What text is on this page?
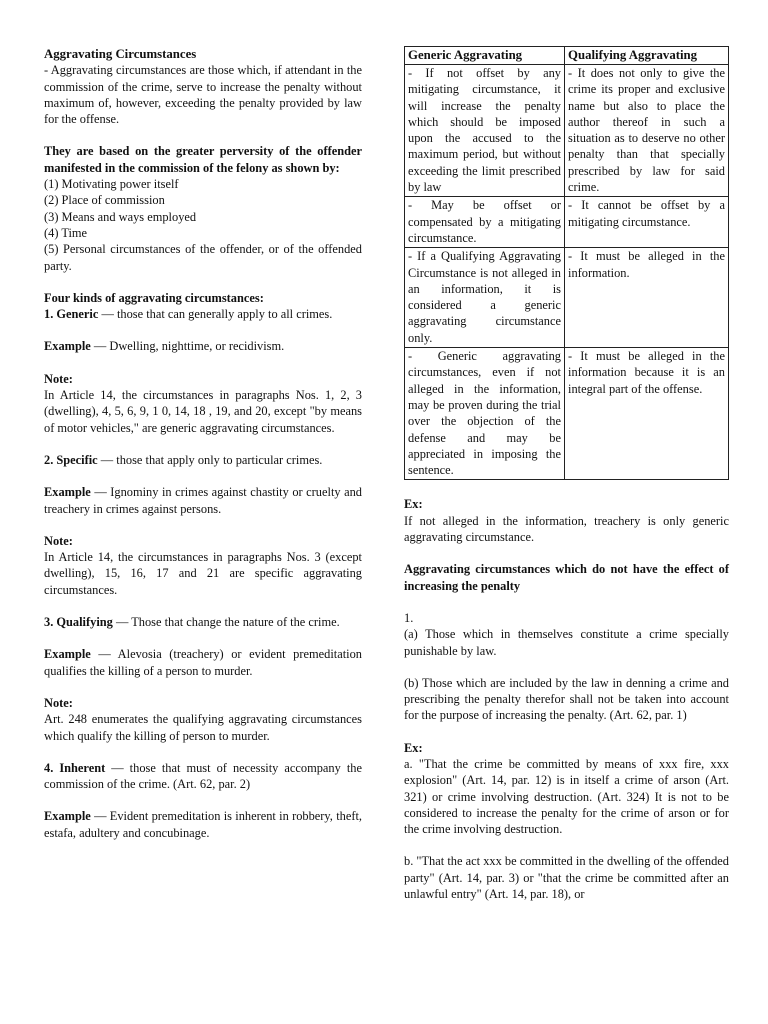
Aggravating Circumstances

- Aggravating circumstances are those which, if attendant in the commission of the crime, serve to increase the penalty without maximum of, however, exceeding the penalty provided by law for the offense.

They are based on the greater perversity of the offender manifested in the commission of the felony as shown by:

(1) Motivating power itself

(2) Place of commission

(3) Means and ways employed

(4) Time

(5) Personal circumstances of the offender, or of the offended party.

Four kinds of aggravating circumstances:

1. Generic — those that can generally apply to all crimes.

Example — Dwelling, nighttime, or recidivism.

Note:

In Article 14, the circumstances in paragraphs Nos. 1, 2, 3 (dwelling), 4, 5, 6, 9, 1 0, 14, 18 , 19, and 20, except "by means of motor vehicles," are generic aggravating circumstances.

2. Specific — those that apply only to particular crimes.

Example — Ignominy in crimes against chastity or cruelty and treachery in crimes against persons.

Note:

In Article 14, the circumstances in paragraphs Nos. 3 (except dwelling), 15, 16, 17 and 21 are specific aggravating circumstances.

3. Qualifying — Those that change the nature of the crime.

Example — Alevosia (treachery) or evident premeditation qualifies the killing of a person to murder.

Note:

Art. 248 enumerates the qualifying aggravating circumstances which qualify the killing of person to murder.

4. Inherent — those that must of necessity accompany the commission of the crime. (Art. 62, par. 2)

Example — Evident premeditation is inherent in robbery, theft, estafa, adultery and concubinage.

Generic Aggravating	Qualifying Aggravating
- If not offset by any mitigating circumstance, it will increase the penalty which should be imposed upon the accused to the maximum period, but without exceeding the limit prescribed by law	- It does not only to give the crime its proper and exclusive name but also to place the author thereof in such a situation as to deserve no other penalty than that specially prescribed by law for said crime.
- May be offset or compensated by a mitigating circumstance.	- It cannot be offset by a mitigating circumstance.
- If a Qualifying Aggravating Circumstance is not alleged in an information, it is considered a generic aggravating circumstance only.	- It must be alleged in the information.
- Generic aggravating circumstances, even if not alleged in the information, may be proven during the trial over the objection of the defense and may be appreciated in imposing the sentence.	- It must be alleged in the information because it is an integral part of the offense.

Ex:

If not alleged in the information, treachery is only generic aggravating circumstance.

Aggravating circumstances which do not have the effect of increasing the penalty

1.

(a) Those which in themselves constitute a crime specially punishable by law.

(b) Those which are included by the law in denning a crime and prescribing the penalty therefor shall not be taken into account for the purpose of increasing the penalty. (Art. 62, par. 1)

Ex:

a. "That the crime be committed by means of xxx fire, xxx explosion" (Art. 14, par. 12) is in itself a crime of arson (Art. 321) or crime involving destruction. (Art. 324) It is not to be considered to increase the penalty for the crime of arson or for the crime involving destruction.

b. "That the act xxx be committed in the dwelling of the offended party" (Art. 14, par. 3) or "that the crime be committed after an unlawful entry" (Art. 14, par. 18), or
